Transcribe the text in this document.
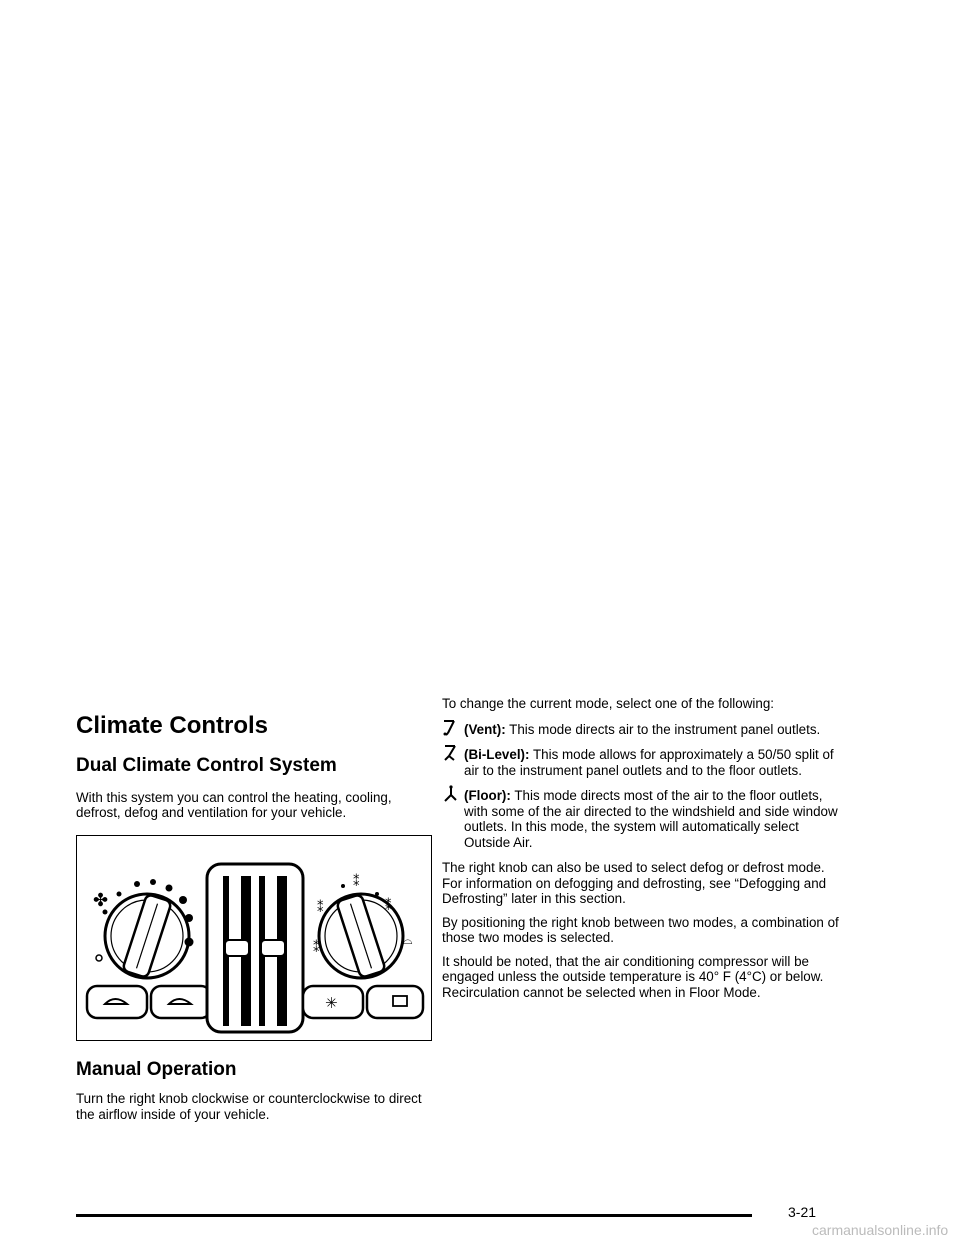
Climate Controls
Dual Climate Control System

With this system you can control the heating, cooling, defrost, defog and ventilation for your vehicle.

✤	⁑
⁑
⁑
⁑	⌓
✳
Manual Operation

Turn the right knob clockwise or counterclockwise to direct the airflow inside of your vehicle.

To change the current mode, select one of the following:

(Vent): This mode directs air to the instrument panel outlets.

(Bi-Level): This mode allows for approximately a 50/50 split of air to the instrument panel outlets and to the floor outlets.

(Floor): This mode directs most of the air to the floor outlets, with some of the air directed to the windshield and side window outlets. In this mode, the system will automatically select Outside Air.

The right knob can also be used to select defog or defrost mode. For information on defogging and defrosting, see “Defogging and Defrosting” later in this section.

By positioning the right knob between two modes, a combination of those two modes is selected.

It should be noted, that the air conditioning compressor will be engaged unless the outside temperature is 40° F (4°C) or below. Recirculation cannot be selected when in Floor Mode.

3-21
carmanualsonline.info
